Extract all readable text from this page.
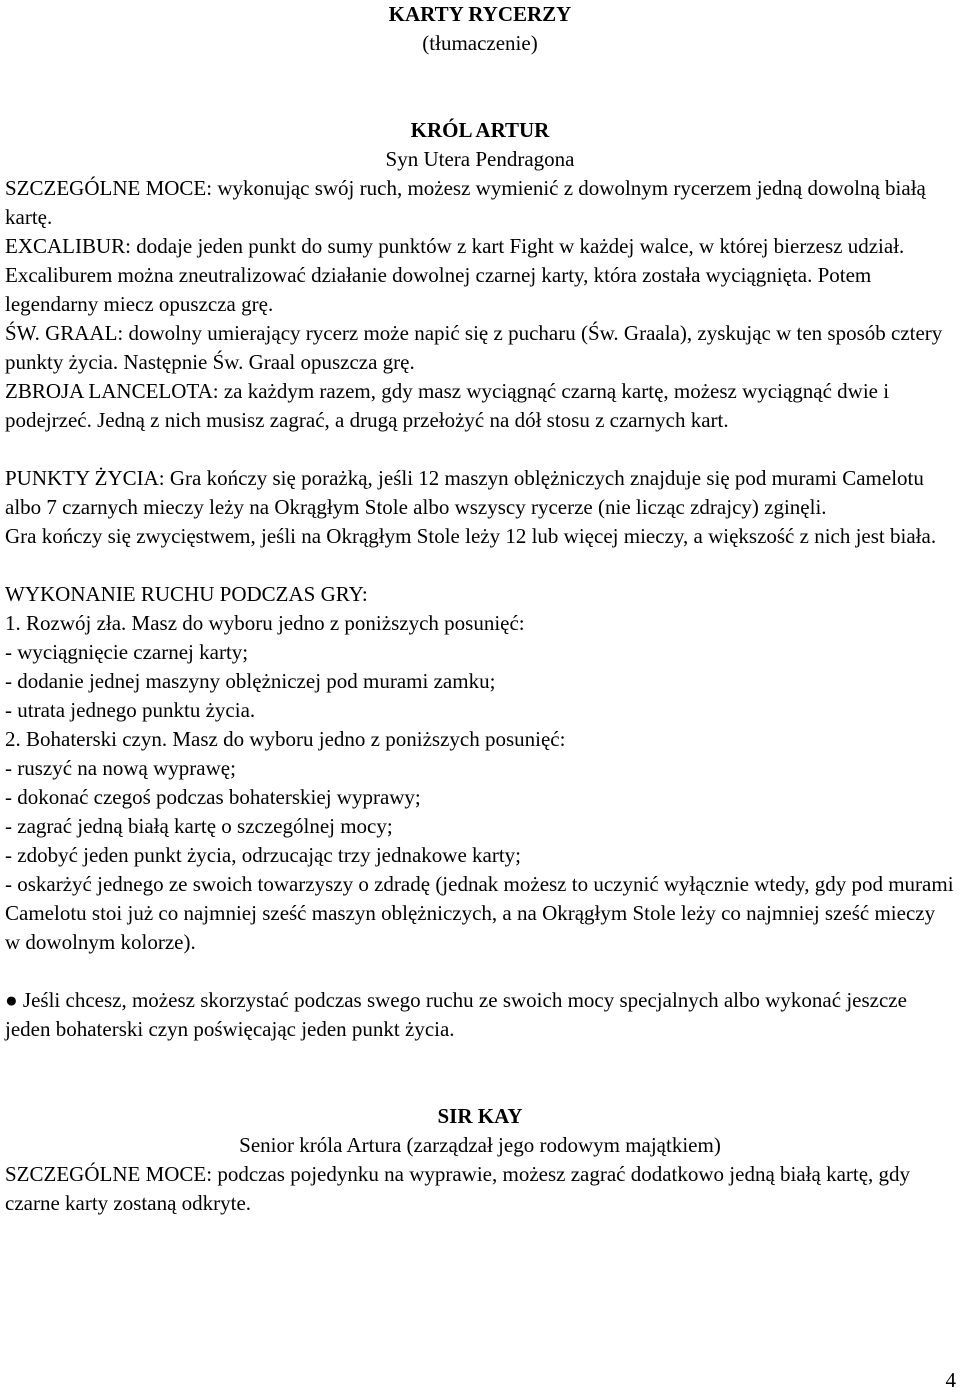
KARTY RYCERZY

(tłumaczenie)

KRÓL ARTUR

Syn Utera Pendragona

SZCZEGÓLNE MOCE: wykonując swój ruch, możesz wymienić z dowolnym rycerzem jedną dowolną białą kartę.

EXCALIBUR: dodaje jeden punkt do sumy punktów z kart Fight w każdej walce, w której bierzesz udział. Excaliburem można zneutralizować działanie dowolnej czarnej karty, która została wyciągnięta. Potem legendarny miecz opuszcza grę.

ŚW. GRAAL: dowolny umierający rycerz może napić się z pucharu (Św. Graala), zyskując w ten sposób cztery punkty życia. Następnie Św. Graal opuszcza grę.

ZBROJA LANCELOTA: za każdym razem, gdy masz wyciągnąć czarną kartę, możesz wyciągnąć dwie i podejrzeć. Jedną z nich musisz zagrać, a drugą przełożyć na dół stosu z czarnych kart.

PUNKTY ŻYCIA: Gra kończy się porażką, jeśli 12 maszyn oblężniczych znajduje się pod murami Camelotu albo 7 czarnych mieczy leży na Okrągłym Stole albo wszyscy rycerze (nie licząc zdrajcy) zginęli.

Gra kończy się zwycięstwem, jeśli na Okrągłym Stole leży 12 lub więcej mieczy, a większość z nich jest biała.

WYKONANIE RUCHU PODCZAS GRY:

1. Rozwój zła. Masz do wyboru jedno z poniższych posunięć:

- wyciągnięcie czarnej karty;

- dodanie jednej maszyny oblężniczej pod murami zamku;

- utrata jednego punktu życia.

2. Bohaterski czyn. Masz do wyboru jedno z poniższych posunięć:

- ruszyć na nową wyprawę;

- dokonać czegoś podczas bohaterskiej wyprawy;

- zagrać jedną białą kartę o szczególnej mocy;

- zdobyć jeden punkt życia, odrzucając trzy jednakowe karty;

- oskarżyć jednego ze swoich towarzyszy o zdradę (jednak możesz to uczynić wyłącznie wtedy, gdy pod murami Camelotu stoi już co najmniej sześć maszyn oblężniczych, a na Okrągłym Stole leży co najmniej sześć mieczy w dowolnym kolorze).

● Jeśli chcesz, możesz skorzystać podczas swego ruchu ze swoich mocy specjalnych albo wykonać jeszcze jeden bohaterski czyn poświęcając jeden punkt życia.

SIR KAY

Senior króla Artura (zarządzał jego rodowym majątkiem)

SZCZEGÓLNE MOCE: podczas pojedynku na wyprawie, możesz zagrać dodatkowo jedną białą kartę, gdy czarne karty zostaną odkryte.

4
